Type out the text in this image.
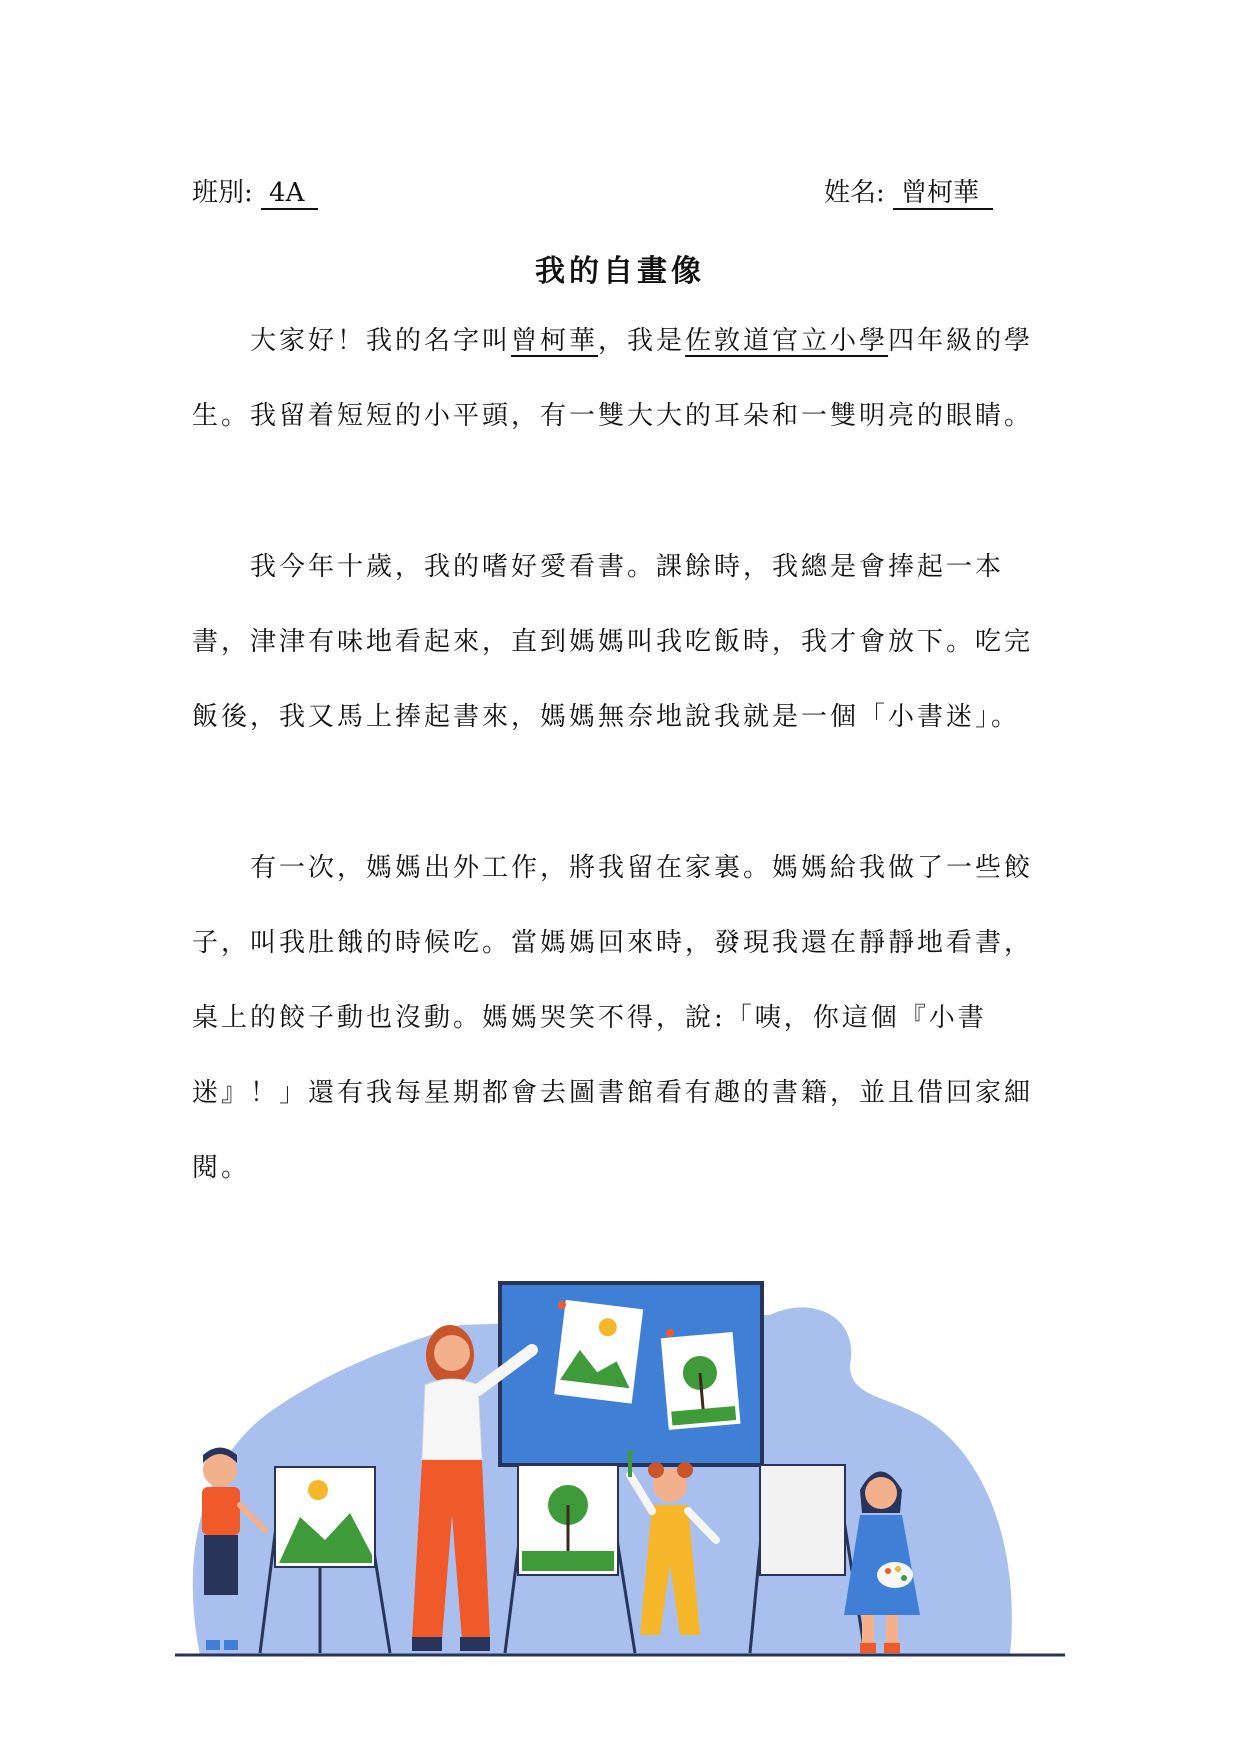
班別: 4A	姓名: 曾柯華
我的自畫像

大家好！我的名字叫曾柯華，我是佐敦道官立小學四年級的學生。我留着短短的小平頭，有一雙大大的耳朵和一雙明亮的眼睛。

我今年十歲，我的嗜好愛看書。課餘時，我總是會捧起一本書，津津有味地看起來，直到媽媽叫我吃飯時，我才會放下。吃完飯後，我又馬上捧起書來，媽媽無奈地說我就是一個「小書迷」。

有一次，媽媽出外工作，將我留在家裏。媽媽給我做了一些餃子，叫我肚餓的時候吃。當媽媽回來時，發現我還在靜靜地看書，桌上的餃子動也沒動。媽媽哭笑不得，說:「咦，你這個『小書迷』！」還有我每星期都會去圖書館看有趣的書籍，並且借回家細閱。
